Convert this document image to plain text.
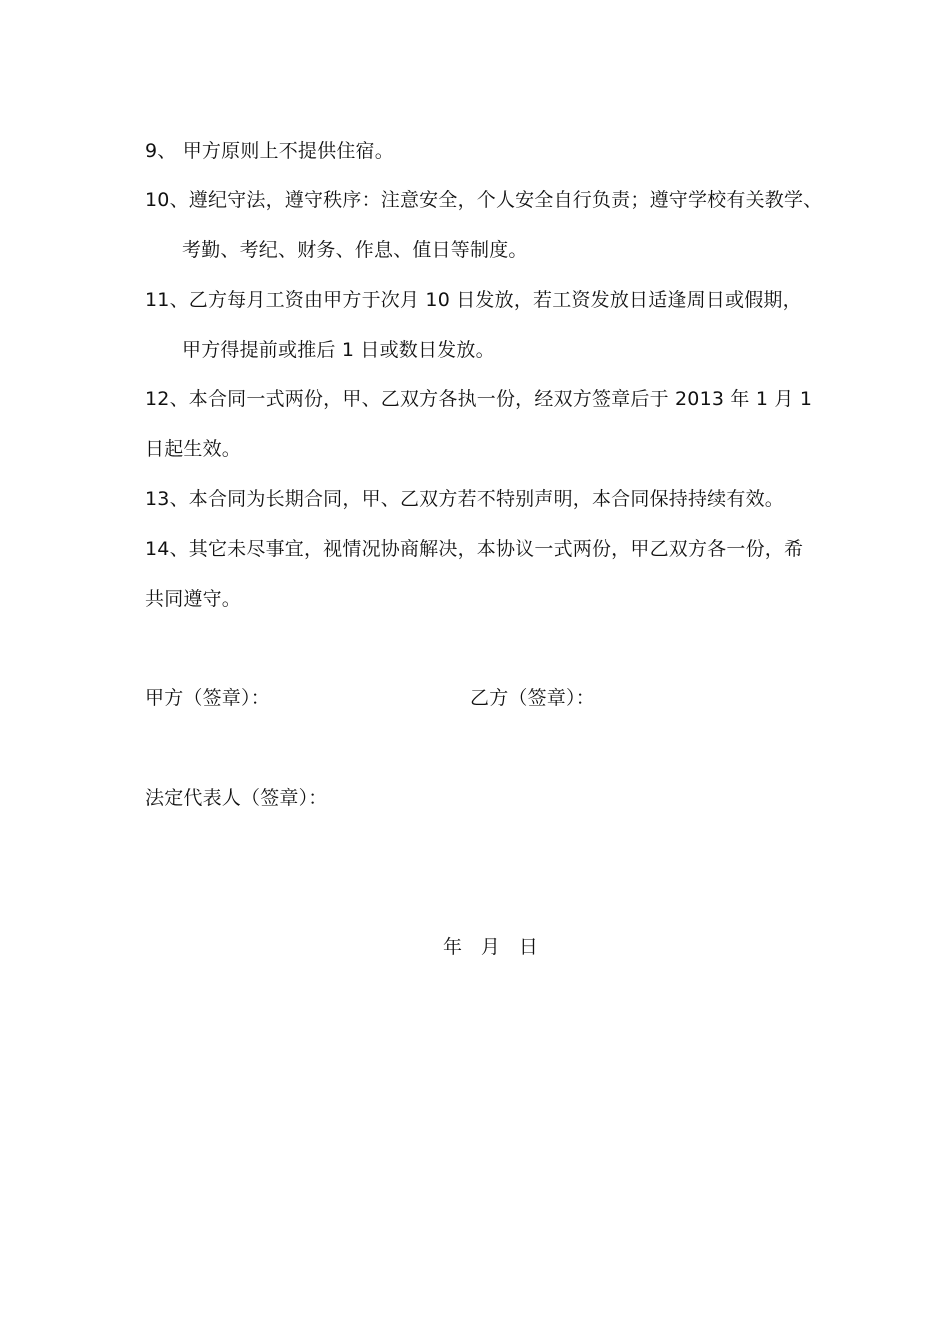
9、 甲方原则上不提供住宿。
10、遵纪守法，遵守秩序：注意安全，个人安全自行负责；遵守学校有关教学、
考勤、考纪、财务、作息、值日等制度。
11、乙方每月工资由甲方于次月 10 日发放，若工资发放日适逢周日或假期，
甲方得提前或推后 1 日或数日发放。
12、本合同一式两份，甲、乙双方各执一份，经双方签章后于 2013 年 1 月 1
日起生效。
13、本合同为长期合同，甲、乙双方若不特别声明，本合同保持持续有效。
14、其它未尽事宜，视情况协商解决，本协议一式两份，甲乙双方各一份，希
共同遵守。
甲方（签章）：	乙方（签章）：
法定代表人（签章）：
年   月   日
